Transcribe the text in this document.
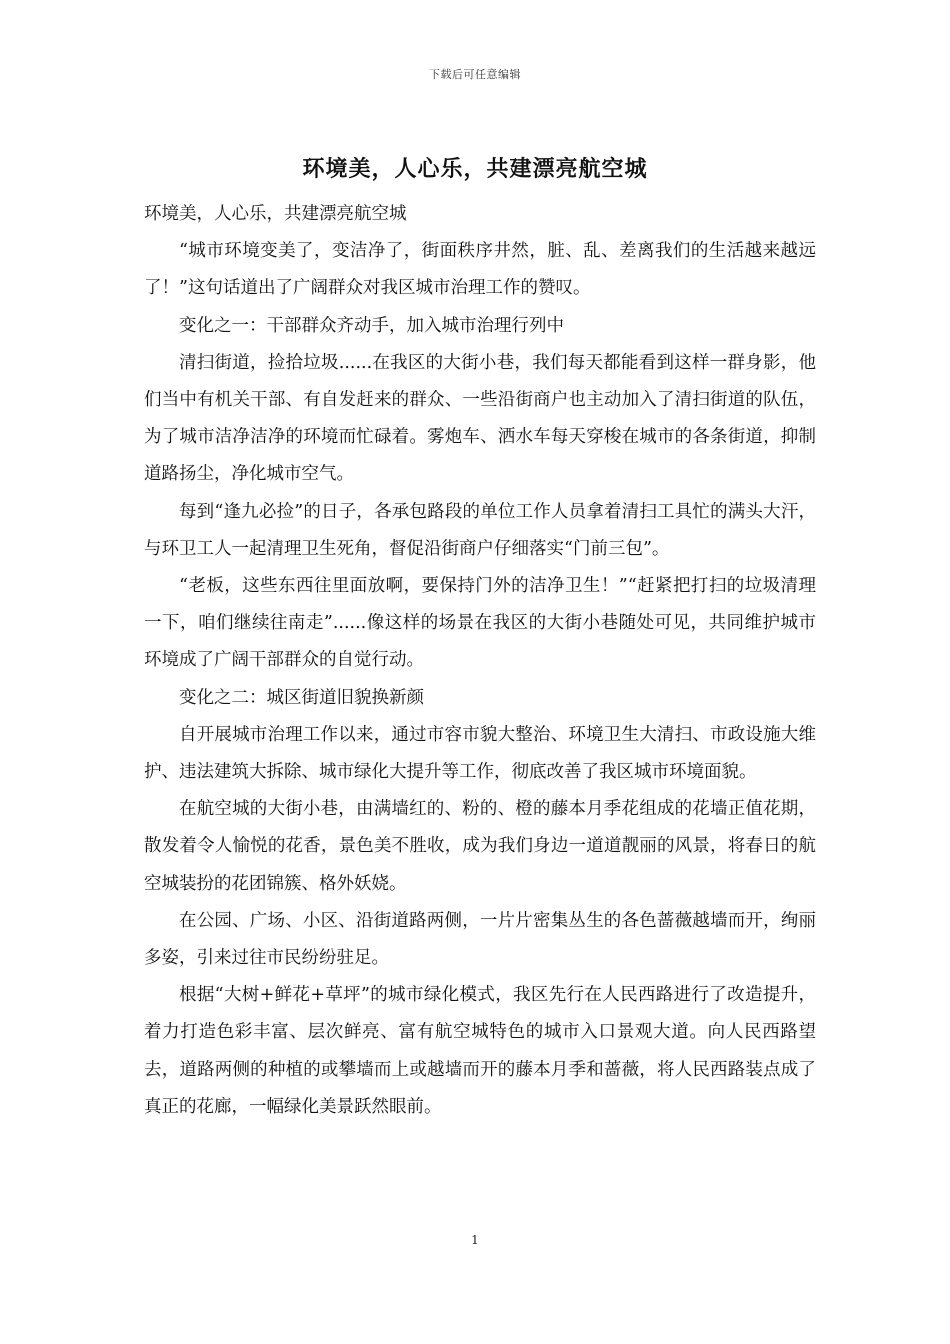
下载后可任意编辑
环境美，人心乐，共建漂亮航空城

环境美，人心乐，共建漂亮航空城

“城市环境变美了，变洁净了，街面秩序井然，脏、乱、差离我们的生活越来越远了！”这句话道出了广阔群众对我区城市治理工作的赞叹。

变化之一：干部群众齐动手，加入城市治理行列中

清扫街道，捡拾垃圾......在我区的大街小巷，我们每天都能看到这样一群身影，他们当中有机关干部、有自发赶来的群众、一些沿街商户也主动加入了清扫街道的队伍，为了城市洁净洁净的环境而忙碌着。雾炮车、洒水车每天穿梭在城市的各条街道，抑制道路扬尘，净化城市空气。

每到“逢九必捡”的日子，各承包路段的单位工作人员拿着清扫工具忙的满头大汗，与环卫工人一起清理卫生死角，督促沿街商户仔细落实“门前三包”。

“老板，这些东西往里面放啊，要保持门外的洁净卫生！”“赶紧把打扫的垃圾清理一下，咱们继续往南走”......像这样的场景在我区的大街小巷随处可见，共同维护城市环境成了广阔干部群众的自觉行动。

变化之二：城区街道旧貌换新颜

自开展城市治理工作以来，通过市容市貌大整治、环境卫生大清扫、市政设施大维护、违法建筑大拆除、城市绿化大提升等工作，彻底改善了我区城市环境面貌。

在航空城的大街小巷，由满墙红的、粉的、橙的藤本月季花组成的花墙正值花期，散发着令人愉悦的花香，景色美不胜收，成为我们身边一道道靓丽的风景，将春日的航空城装扮的花团锦簇、格外妖娆。

在公园、广场、小区、沿街道路两侧，一片片密集丛生的各色蔷薇越墙而开，绚丽多姿，引来过往市民纷纷驻足。

根据“大树+鲜花+草坪”的城市绿化模式，我区先行在人民西路进行了改造提升，着力打造色彩丰富、层次鲜亮、富有航空城特色的城市入口景观大道。向人民西路望去，道路两侧的种植的或攀墙而上或越墙而开的藤本月季和蔷薇，将人民西路装点成了真正的花廊，一幅绿化美景跃然眼前。

1
